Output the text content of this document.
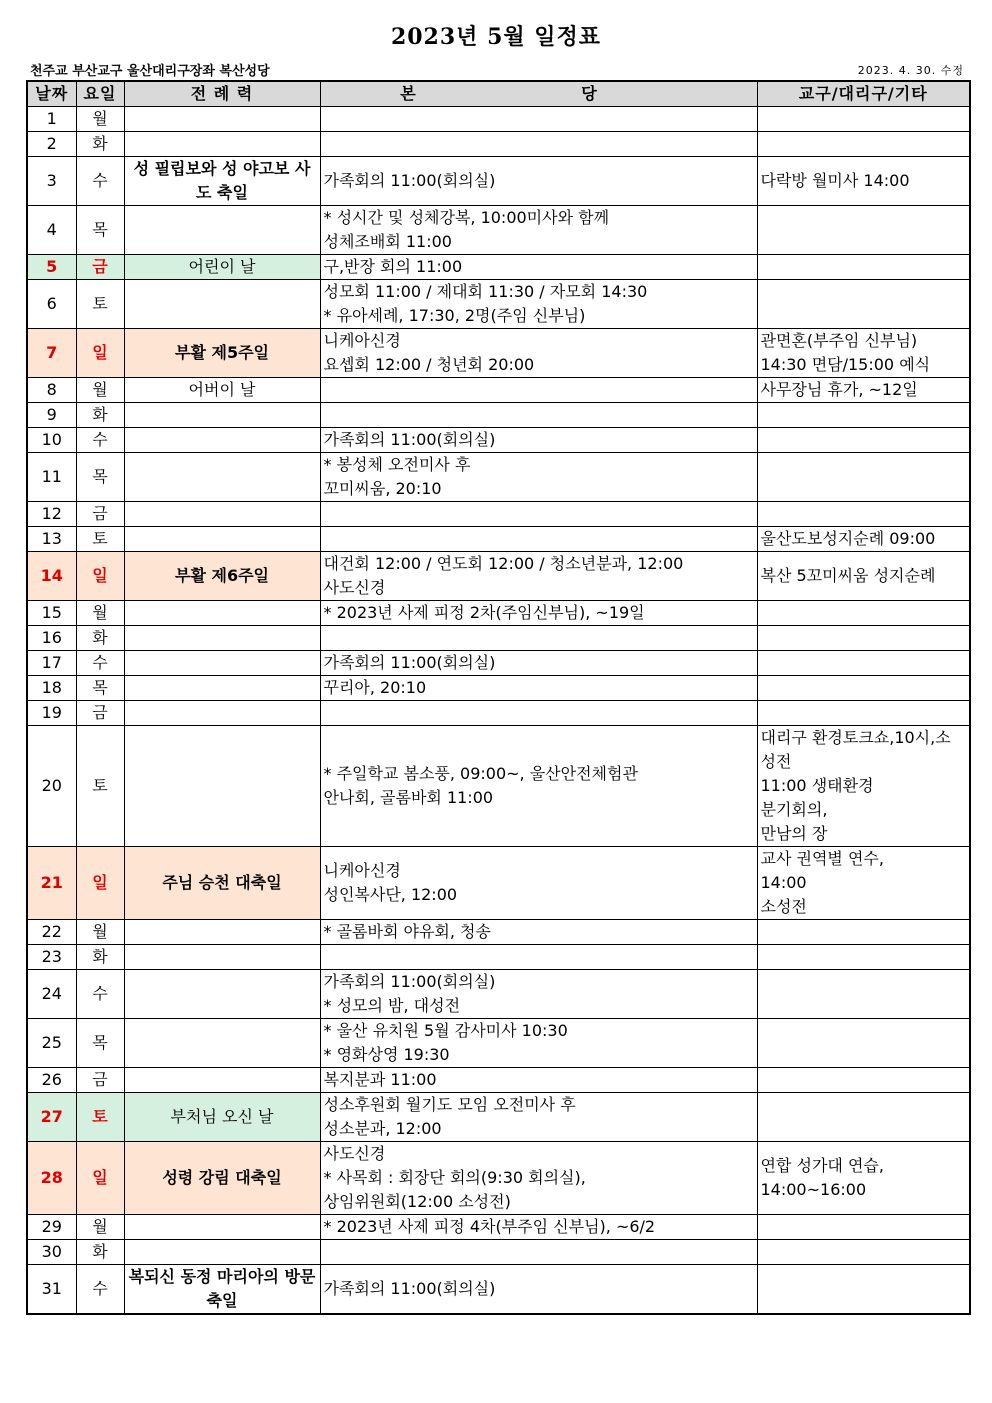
2023년 5월 일정표
천주교 부산교구 울산대리구장좌 복산성당	2023. 4. 30. 수정
날짜	요일	전 례 력	본 당	교구/대리구/기타
1	월			
2	화			
3	수	성 필립보와 성 야고보 사도 축일	가족회의 11:00(회의실)	다락방 월미사 14:00
4	목		* 성시간 및 성체강복, 10:00미사와 함께
성체조배회 11:00	
5	금	어린이 날	구,반장 회의 11:00	
6	토		성모회 11:00 / 제대회 11:30 / 자모회 14:30
* 유아세례, 17:30, 2명(주임 신부님)	
7	일	부활 제5주일	니케아신경
요셉회 12:00 / 청년회 20:00	관면혼(부주임 신부님)
14:30 면담/15:00 예식
8	월	어버이 날		사무장님 휴가, ~12일
9	화			
10	수		가족회의 11:00(회의실)	
11	목		* 봉성체 오전미사 후
꼬미씨움, 20:10	
12	금			
13	토			울산도보성지순례 09:00
14	일	부활 제6주일	대건회 12:00 / 연도회 12:00 / 청소년분과, 12:00
사도신경	복산 5꼬미씨움 성지순례
15	월		* 2023년 사제 피정 2차(주임신부님), ~19일	
16	화			
17	수		가족회의 11:00(회의실)	
18	목		꾸리아, 20:10	
19	금			
20	토		* 주일학교 봄소풍, 09:00~, 울산안전체험관
안나회, 골롬바회 11:00	대리구 환경토크쇼,10시,소성전
11:00 생태환경
분기회의,
만남의 장
21	일	주님 승천 대축일	니케아신경
성인복사단, 12:00	교사 권역별 연수,
14:00
소성전
22	월		* 골롬바회 야유회, 청송	
23	화			
24	수		가족회의 11:00(회의실)
* 성모의 밤, 대성전	
25	목		* 울산 유치원 5월 감사미사 10:30
* 영화상영 19:30	
26	금		복지분과 11:00	
27	토	부처님 오신 날	성소후원회 월기도 모임 오전미사 후
성소분과, 12:00	
28	일	성령 강림 대축일	사도신경
* 사목회 : 회장단 회의(9:30 회의실),
상임위원회(12:00 소성전)	연합 성가대 연습,
14:00~16:00
29	월		* 2023년 사제 피정 4차(부주임 신부님), ~6/2	
30	화			
31	수	복되신 동정 마리아의 방문 축일	가족회의 11:00(회의실)	
